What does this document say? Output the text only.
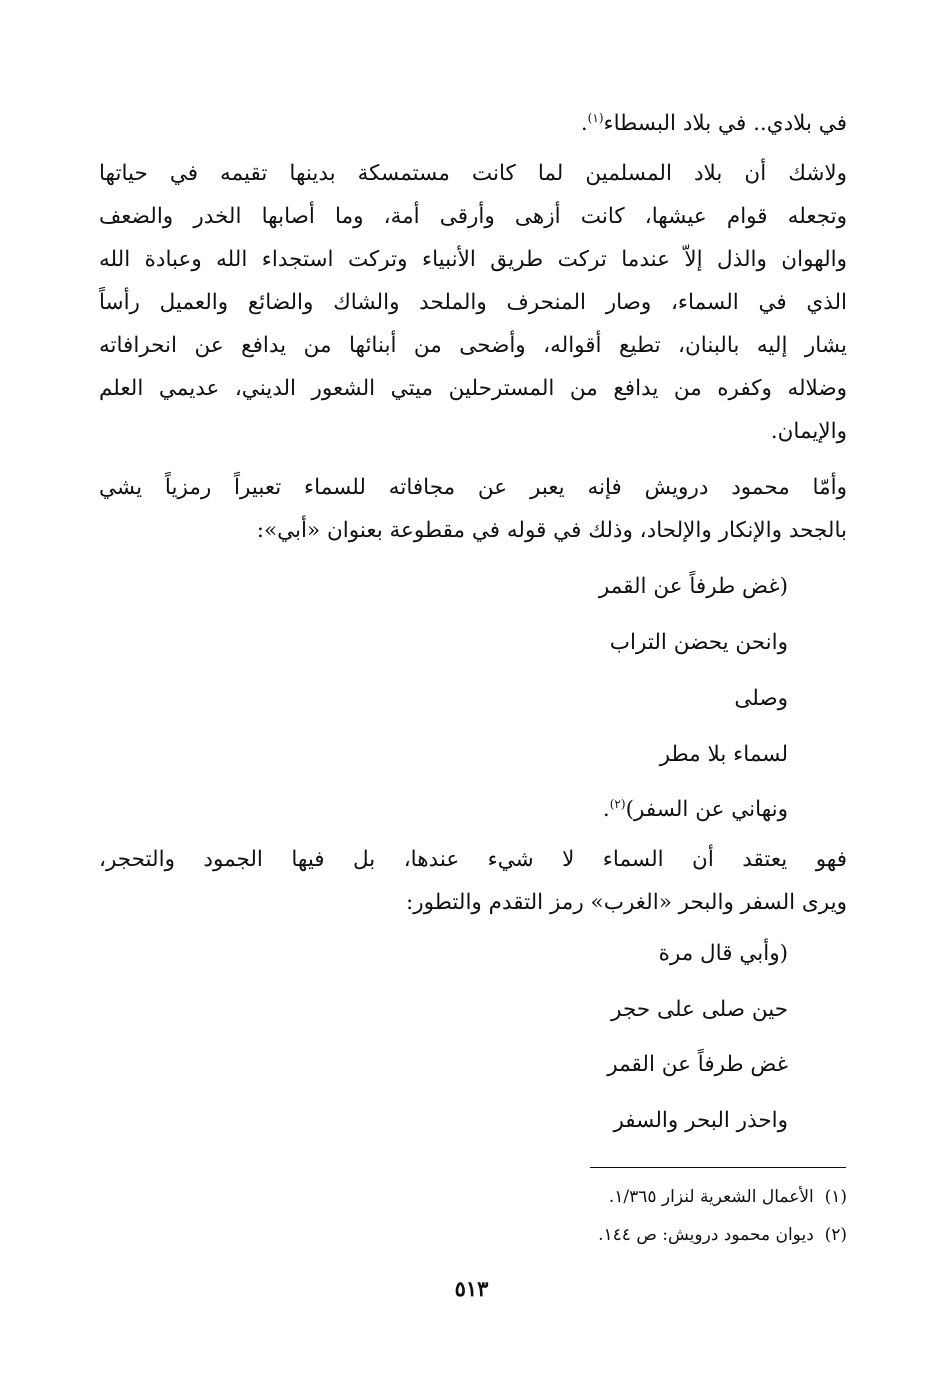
في بلادي.. في بلاد البسطاء$^{(١)}$.

ولاشك أن بلاد المسلمين لما كانت مستمسكة بدينها تقيمه في حياتها

وتجعله قوام عيشها، كانت أزهى وأرقى أمة، وما أصابها الخدر والضعف

والهوان والذل إلاّ عندما تركت طريق الأنبياء وتركت استجداء الله وعبادة الله

الذي في السماء، وصار المنحرف والملحد والشاك والضائع والعميل رأساً

يشار إليه بالبنان، تطيع أقواله، وأضحى من أبنائها من يدافع عن انحرافاته

وضلاله وكفره من يدافع من المسترحلين ميتي الشعور الديني، عديمي العلم

والإيمان.

وأمّا محمود درويش فإنه يعبر عن مجافاته للسماء تعبيراً رمزياً يشي

بالجحد والإنكار والإلحاد، وذلك في قوله في مقطوعة بعنوان «أبي»:

(غض طرفاً عن القمر

وانحن يحضن التراب

وصلى

لسماء بلا مطر

ونهاني عن السفر)$^{(٢)}$.

فهو يعتقد أن السماء لا شيء عندها، بل فيها الجمود والتحجر،

ويرى السفر والبحر «الغرب» رمز التقدم والتطور:

(وأبي قال مرة

حين صلى على حجر

غض طرفاً عن القمر

واحذر البحر والسفر

(١)  الأعمال الشعرية لنزار ١/٣٦٥.

(٢)  ديوان محمود درويش: ص ١٤٤.

٥١٣
